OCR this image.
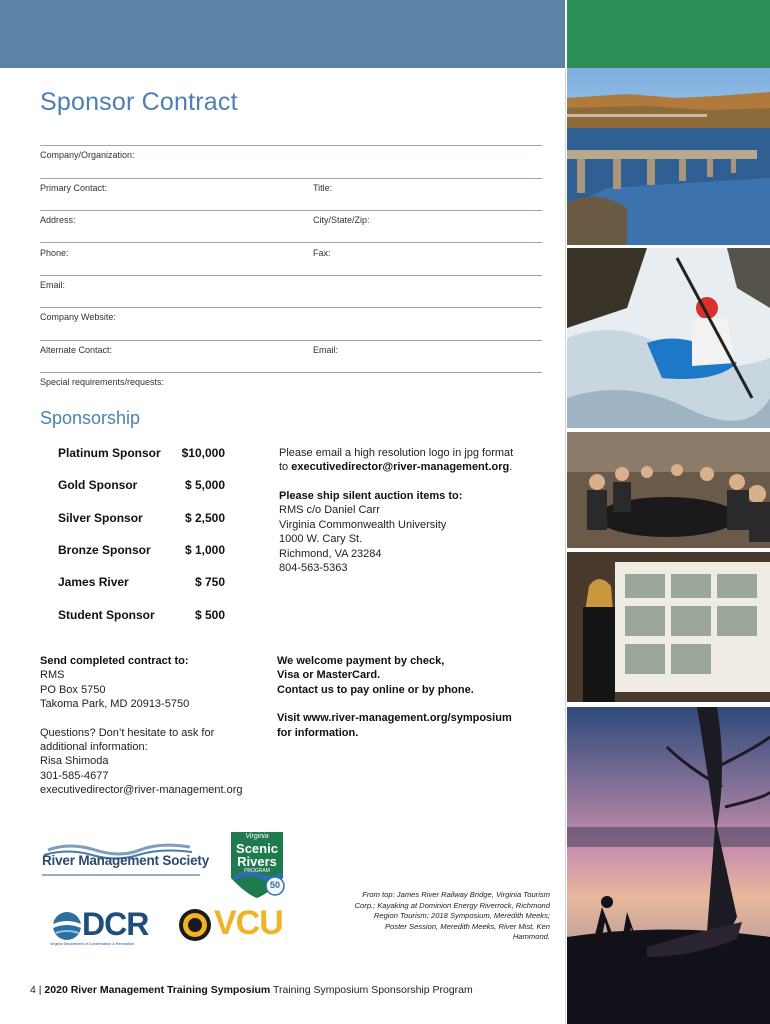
Sponsor Contract
Company/Organization:
Primary Contact:	Title:
Address:	City/State/Zip:
Phone:	Fax:
Email:
Company Website:
Alternate Contact:	Email:
Special requirements/requests:
Sponsorship
Platinum Sponsor $10,000
Gold Sponsor	$ 5,000
Silver Sponsor	$ 2,500
Bronze Sponsor	$ 1,000
James River	$ 750
Student Sponsor	$ 500
Please email a high resolution logo in jpg format
to executivedirector@river-management.org.
Please ship silent auction items to:
RMS c/o Daniel Carr
Virginia Commonwealth University
1000 W. Cary St.
Richmond, VA 23284
804-563-5363
Send completed contract to:
RMS
PO Box 5750
Takoma Park, MD 20913-5750
Questions? Don’t hesitate to ask for
additional information:
Risa Shimoda
301-585-4677
executivedirector@river-management.org
We welcome payment by check,
Visa or MasterCard.
Contact us to pay online or by phone.
Visit www.river-management.org/symposium
for information.
River Management Society
Virginia
Scenic
Rivers
PROGRAM
50
DCR
Virginia Department of Conservation & Recreation
VCU
From top: James River Railway Bridge, Virginia Tourism Corp.; Kayaking at Dominion Energy Riverrock, Richmond Region Tourism; 2018 Symposium, Meredith Meeks; Poster Session, Meredith Meeks, River Mist, Ken Hammond.
4 | 2020 River Management Training Symposium Training Symposium Sponsorship Program
